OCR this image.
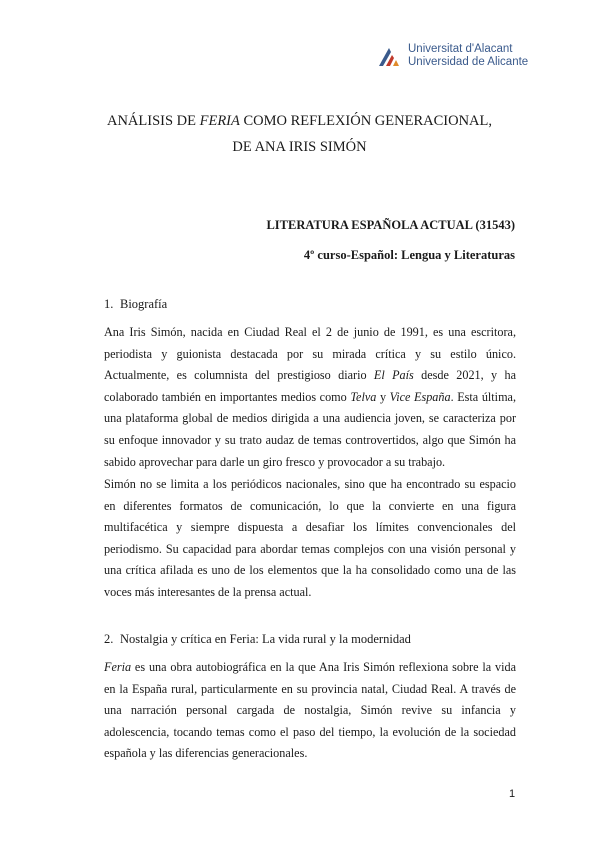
Universitat d'Alacant
Universidad de Alicante
ANÁLISIS DE FERIA COMO REFLEXIÓN GENERACIONAL,
DE ANA IRIS SIMÓN
LITERATURA ESPAÑOLA ACTUAL (31543)
4º curso-Español: Lengua y Literaturas
1. Biografía

Ana Iris Simón, nacida en Ciudad Real el 2 de junio de 1991, es una escritora, periodista y guionista destacada por su mirada crítica y su estilo único. Actualmente, es columnista del prestigioso diario El País desde 2021, y ha colaborado también en importantes medios como Telva y Vice España. Esta última, una plataforma global de medios dirigida a una audiencia joven, se caracteriza por su enfoque innovador y su trato audaz de temas controvertidos, algo que Simón ha sabido aprovechar para darle un giro fresco y provocador a su trabajo.

Simón no se limita a los periódicos nacionales, sino que ha encontrado su espacio en diferentes formatos de comunicación, lo que la convierte en una figura multifacética y siempre dispuesta a desafiar los límites convencionales del periodismo. Su capacidad para abordar temas complejos con una visión personal y una crítica afilada es uno de los elementos que la ha consolidado como una de las voces más interesantes de la prensa actual.

2. Nostalgia y crítica en Feria: La vida rural y la modernidad

Feria es una obra autobiográfica en la que Ana Iris Simón reflexiona sobre la vida en la España rural, particularmente en su provincia natal, Ciudad Real. A través de una narración personal cargada de nostalgia, Simón revive su infancia y adolescencia, tocando temas como el paso del tiempo, la evolución de la sociedad española y las diferencias generacionales.

1
